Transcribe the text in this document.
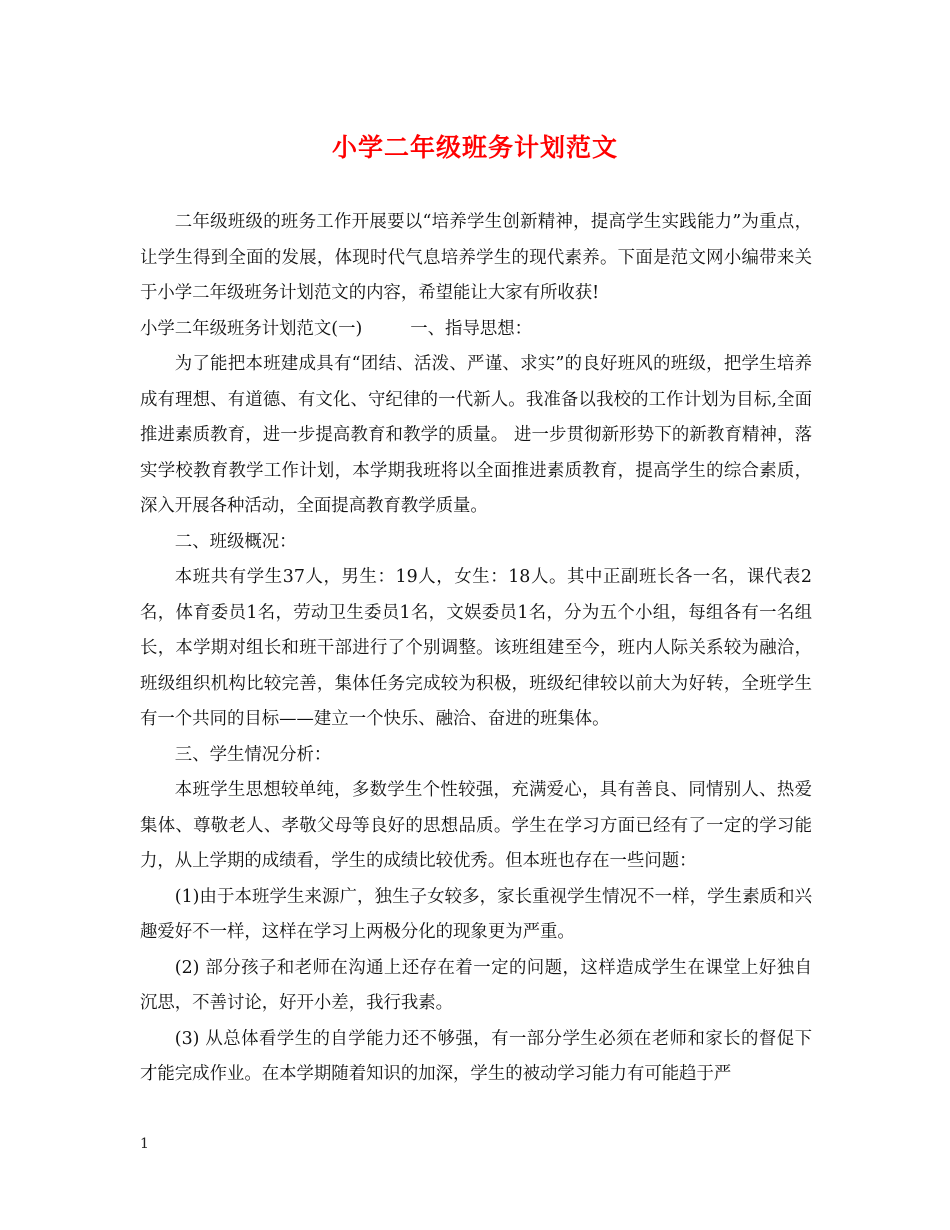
小学二年级班务计划范文

二年级班级的班务工作开展要以“培养学生创新精神，提高学生实践能力”为重点，让学生得到全面的发展，体现时代气息培养学生的现代素养。下面是范文网小编带来关于小学二年级班务计划范文的内容，希望能让大家有所收获!

小学二年级班务计划范文(一)	一、指导思想：

为了能把本班建成具有“团结、活泼、严谨、求实”的良好班风的班级，把学生培养成有理想、有道德、有文化、守纪律的一代新人。我准备以我校的工作计划为目标,全面推进素质教育，进一步提高教育和教学的质量。 进一步贯彻新形势下的新教育精神，落实学校教育教学工作计划，本学期我班将以全面推进素质教育，提高学生的综合素质，深入开展各种活动，全面提高教育教学质量。

二、班级概况：

本班共有学生37人，男生：19人，女生：18人。其中正副班长各一名，课代表2名，体育委员1名，劳动卫生委员1名，文娱委员1名，分为五个小组，每组各有一名组长，本学期对组长和班干部进行了个别调整。该班组建至今，班内人际关系较为融洽，班级组织机构比较完善，集体任务完成较为积极，班级纪律较以前大为好转，全班学生有一个共同的目标——建立一个快乐、融洽、奋进的班集体。

三、学生情况分析：

本班学生思想较单纯，多数学生个性较强，充满爱心，具有善良、同情别人、热爱集体、尊敬老人、孝敬父母等良好的思想品质。学生在学习方面已经有了一定的学习能力，从上学期的成绩看，学生的成绩比较优秀。但本班也存在一些问题：

(1)由于本班学生来源广，独生子女较多，家长重视学生情况不一样，学生素质和兴趣爱好不一样，这样在学习上两极分化的现象更为严重。

(2) 部分孩子和老师在沟通上还存在着一定的问题，这样造成学生在课堂上好独自沉思，不善讨论，好开小差，我行我素。

(3) 从总体看学生的自学能力还不够强，有一部分学生必须在老师和家长的督促下才能完成作业。在本学期随着知识的加深，学生的被动学习能力有可能趋于严

1
